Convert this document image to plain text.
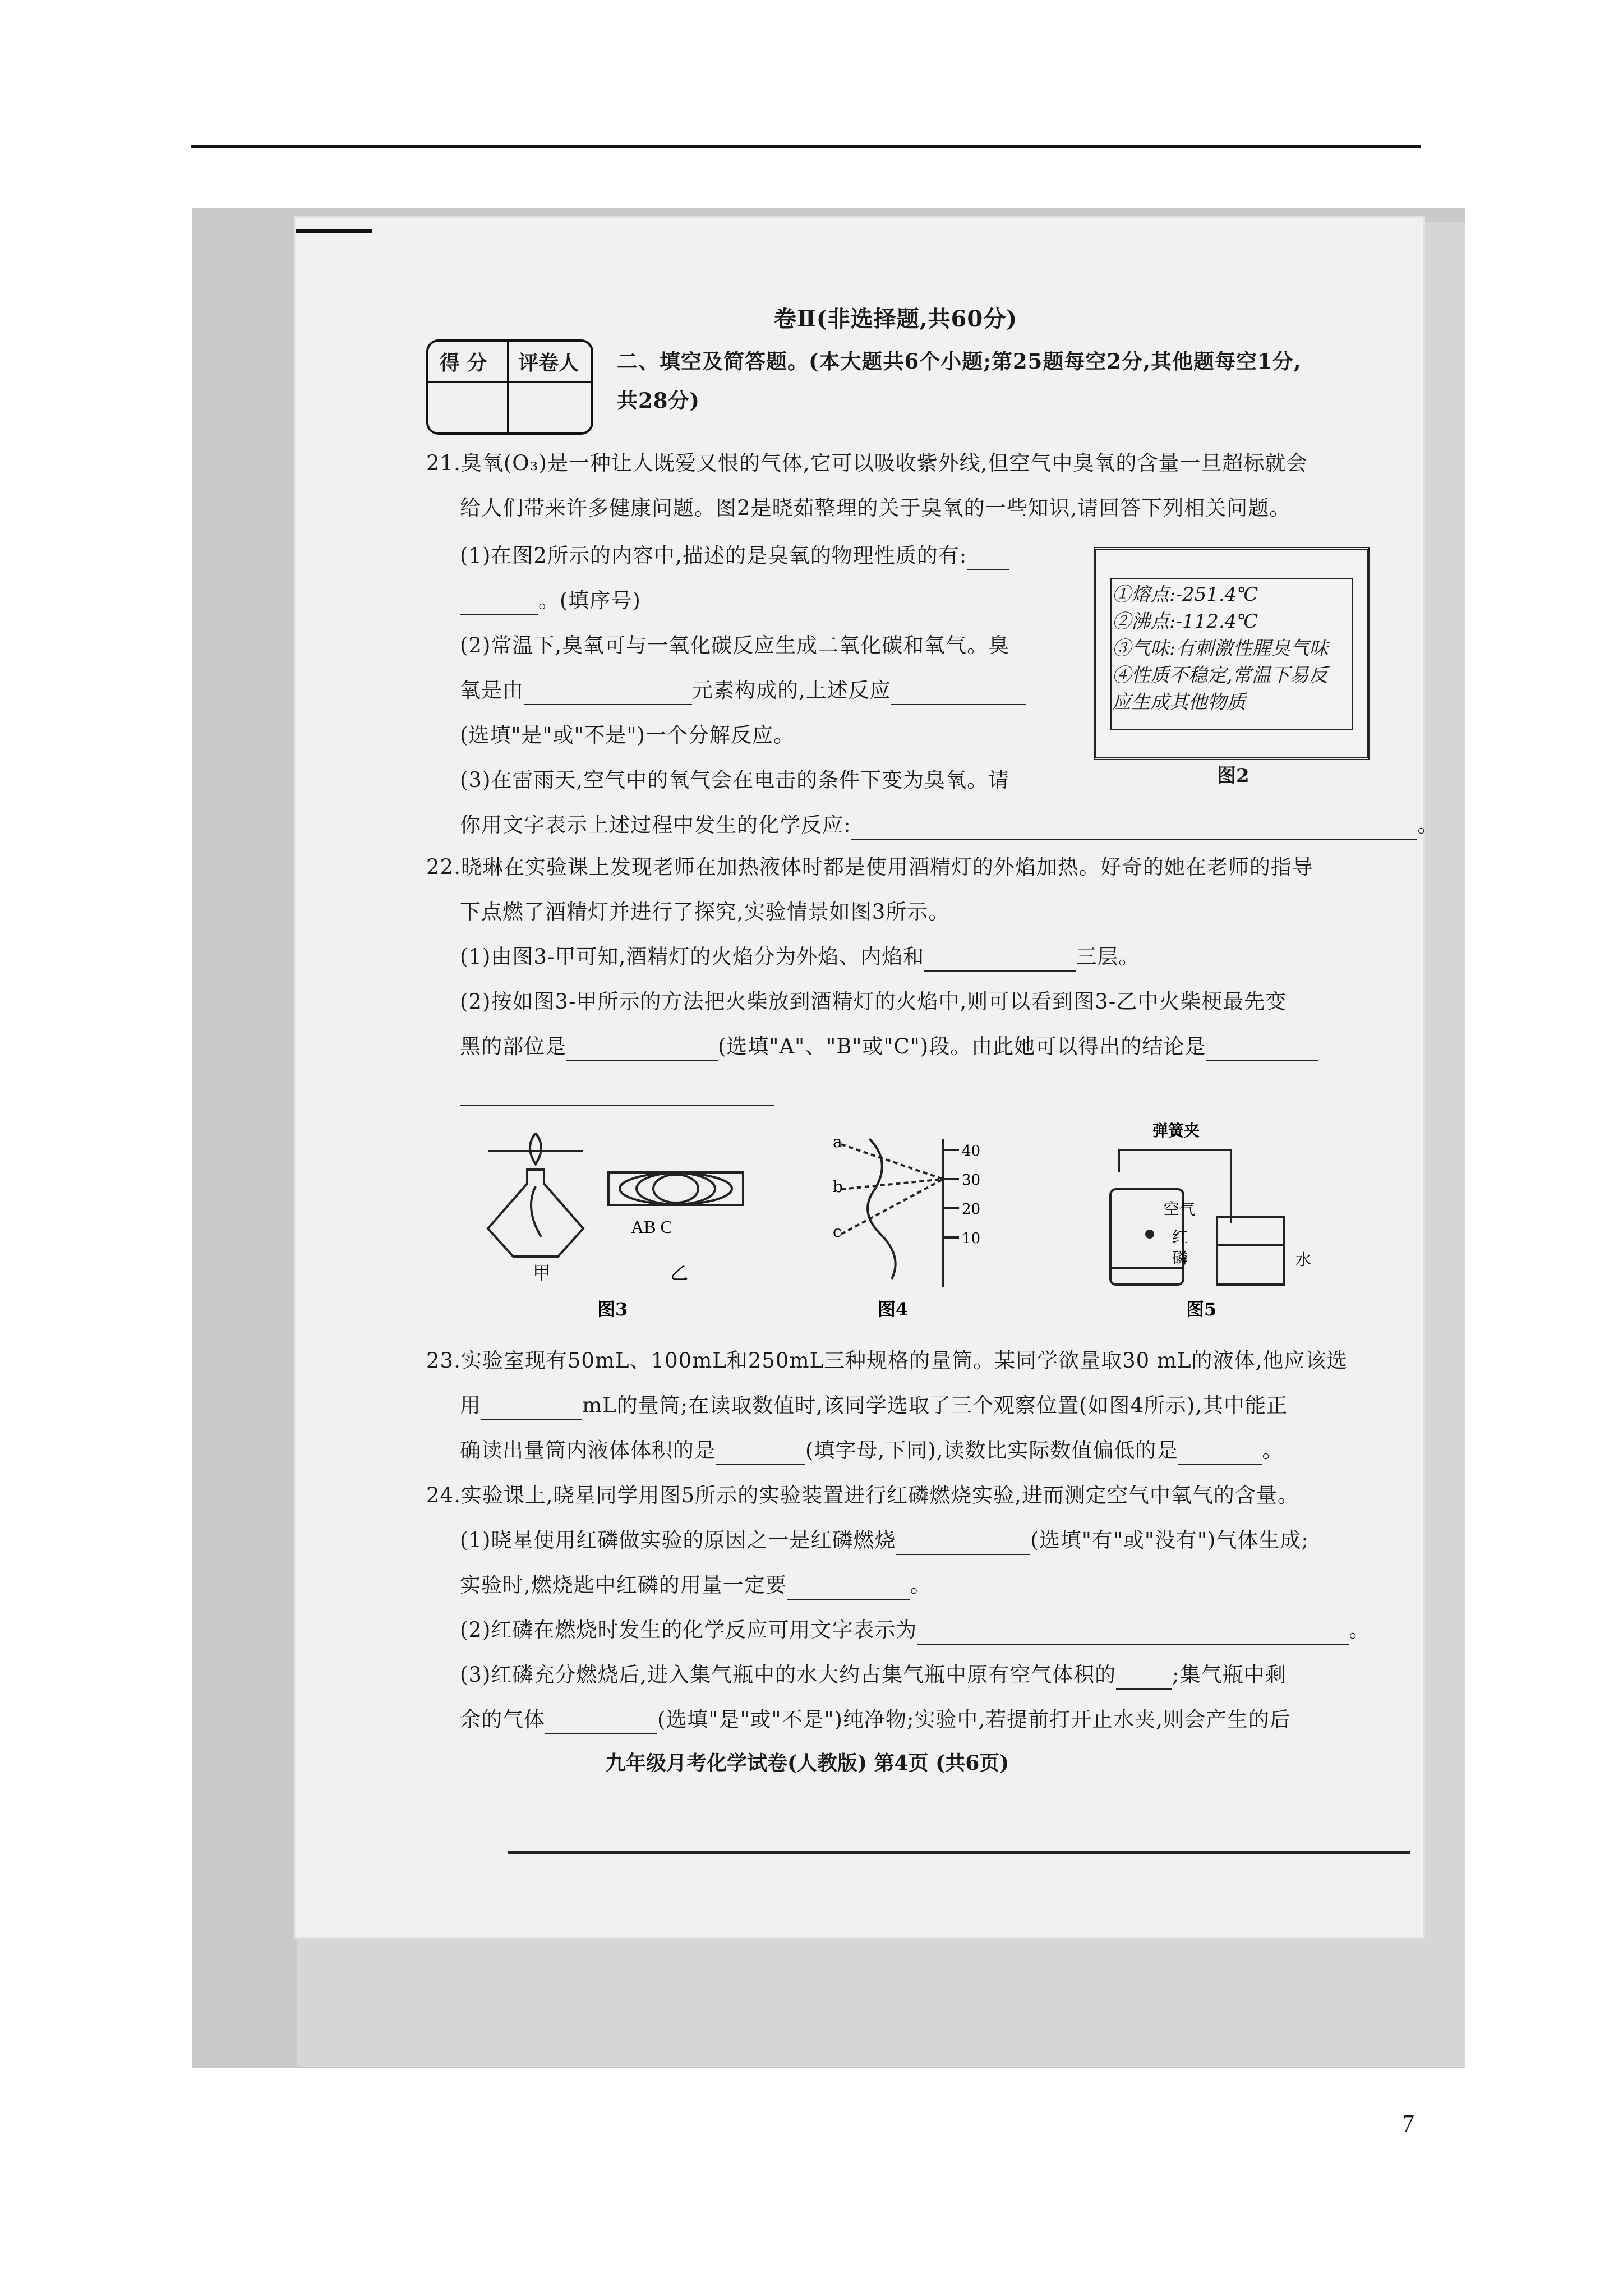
卷Ⅱ(非选择题,共60分)
得 分 评卷人 二、填空及简答题。(本大题共6个小题;第25题每空2分,其他题每空1分,
共28分)
21.臭氧(O₃)是一种让人既爱又恨的气体,它可以吸收紫外线,但空气中臭氧的含量一旦超标就会
给人们带来许多健康问题。图2是晓茹整理的关于臭氧的一些知识,请回答下列相关问题。
(1)在图2所示的内容中,描述的是臭氧的物理性质的有:
。(填序号)
(2)常温下,臭氧可与一氧化碳反应生成二氧化碳和氧气。臭
氧是由	元素构成的,上述反应
(选填"是"或"不是")一个分解反应。
(3)在雷雨天,空气中的氧气会在电击的条件下变为臭氧。请
你用文字表示上述过程中发生的化学反应:	。
①熔点:-251.4℃
②沸点:-112.4℃
③气味:有刺激性腥臭气味
④性质不稳定,常温下易反
应生成其他物质
图2
22.晓琳在实验课上发现老师在加热液体时都是使用酒精灯的外焰加热。好奇的她在老师的指导
下点燃了酒精灯并进行了探究,实验情景如图3所示。
(1)由图3-甲可知,酒精灯的火焰分为外焰、内焰和	三层。
(2)按如图3-甲所示的方法把火柴放到酒精灯的火焰中,则可以看到图3-乙中火柴梗最先变
黑的部位是	(选填"A"、"B"或"C")段。由此她可以得出的结论是
AB C
甲	乙
图3
a
b
c
40
30
20
10
图4
弹簧夹
空气
红
磷	水
图5
23.实验室现有50mL、100mL和250mL三种规格的量筒。某同学欲量取30 mL的液体,他应该选
用	mL的量筒;在读取数值时,该同学选取了三个观察位置(如图4所示),其中能正
确读出量筒内液体体积的是	(填字母,下同),读数比实际数值偏低的是	。
24.实验课上,晓星同学用图5所示的实验装置进行红磷燃烧实验,进而测定空气中氧气的含量。
(1)晓星使用红磷做实验的原因之一是红磷燃烧	(选填"有"或"没有")气体生成;
实验时,燃烧匙中红磷的用量一定要	。
(2)红磷在燃烧时发生的化学反应可用文字表示为	。
(3)红磷充分燃烧后,进入集气瓶中的水大约占集气瓶中原有空气体积的	;集气瓶中剩
余的气体	(选填"是"或"不是")纯净物;实验中,若提前打开止水夹,则会产生的后
九年级月考化学试卷(人教版) 第4页 (共6页)
7
